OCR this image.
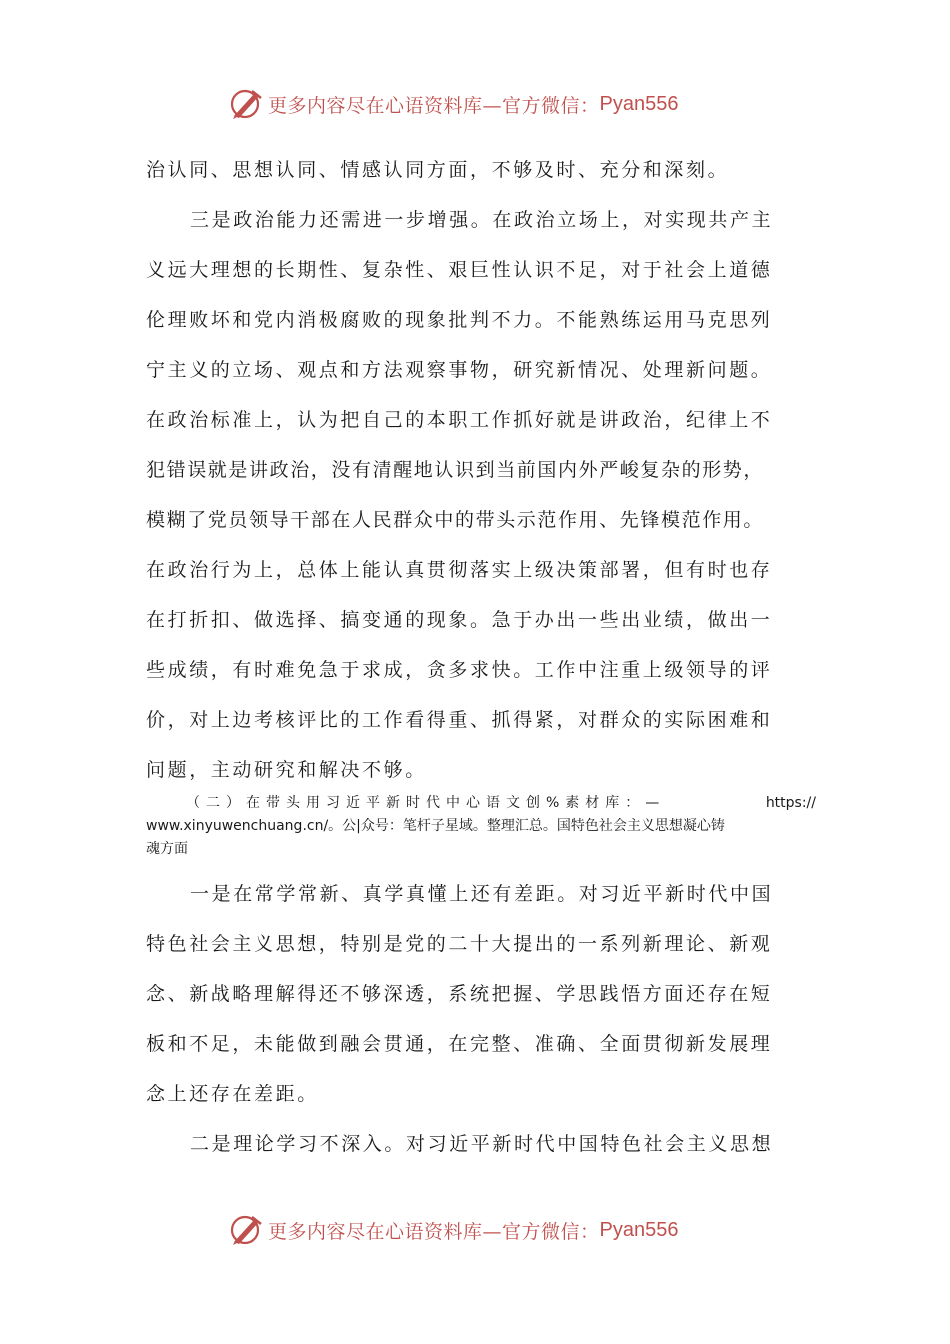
更多内容尽在心语资料库—官方微信： Pyan556
治认同、思想认同、情感认同方面，不够及时、充分和深刻。
三是政治能力还需进一步增强。在政治立场上，对实现共产主
义远大理想的长期性、复杂性、艰巨性认识不足，对于社会上道德
伦理败坏和党内消极腐败的现象批判不力。不能熟练运用马克思列
宁主义的立场、观点和方法观察事物，研究新情况、处理新问题。
在政治标准上，认为把自己的本职工作抓好就是讲政治，纪律上不
犯错误就是讲政治，没有清醒地认识到当前国内外严峻复杂的形势，
模糊了党员领导干部在人民群众中的带头示范作用、先锋模范作用。
在政治行为上，总体上能认真贯彻落实上级决策部署，但有时也存
在打折扣、做选择、搞变通的现象。急于办出一些出业绩，做出一
些成绩，有时难免急于求成，贪多求快。工作中注重上级领导的评
价，对上边考核评比的工作看得重、抓得紧，对群众的实际困难和
问题，主动研究和解决不够。
（二）在带头用习近平新时代中心语文创%素材库：—	https://
www.xinyuwenchuang.cn/。公|众号：笔杆子星域。整理汇总。国特色社会主义思想凝心铸
魂方面
一是在常学常新、真学真懂上还有差距。对习近平新时代中国
特色社会主义思想，特别是党的二十大提出的一系列新理论、新观
念、新战略理解得还不够深透，系统把握、学思践悟方面还存在短
板和不足，未能做到融会贯通，在完整、准确、全面贯彻新发展理
念上还存在差距。
二是理论学习不深入。对习近平新时代中国特色社会主义思想
更多内容尽在心语资料库—官方微信： Pyan556
